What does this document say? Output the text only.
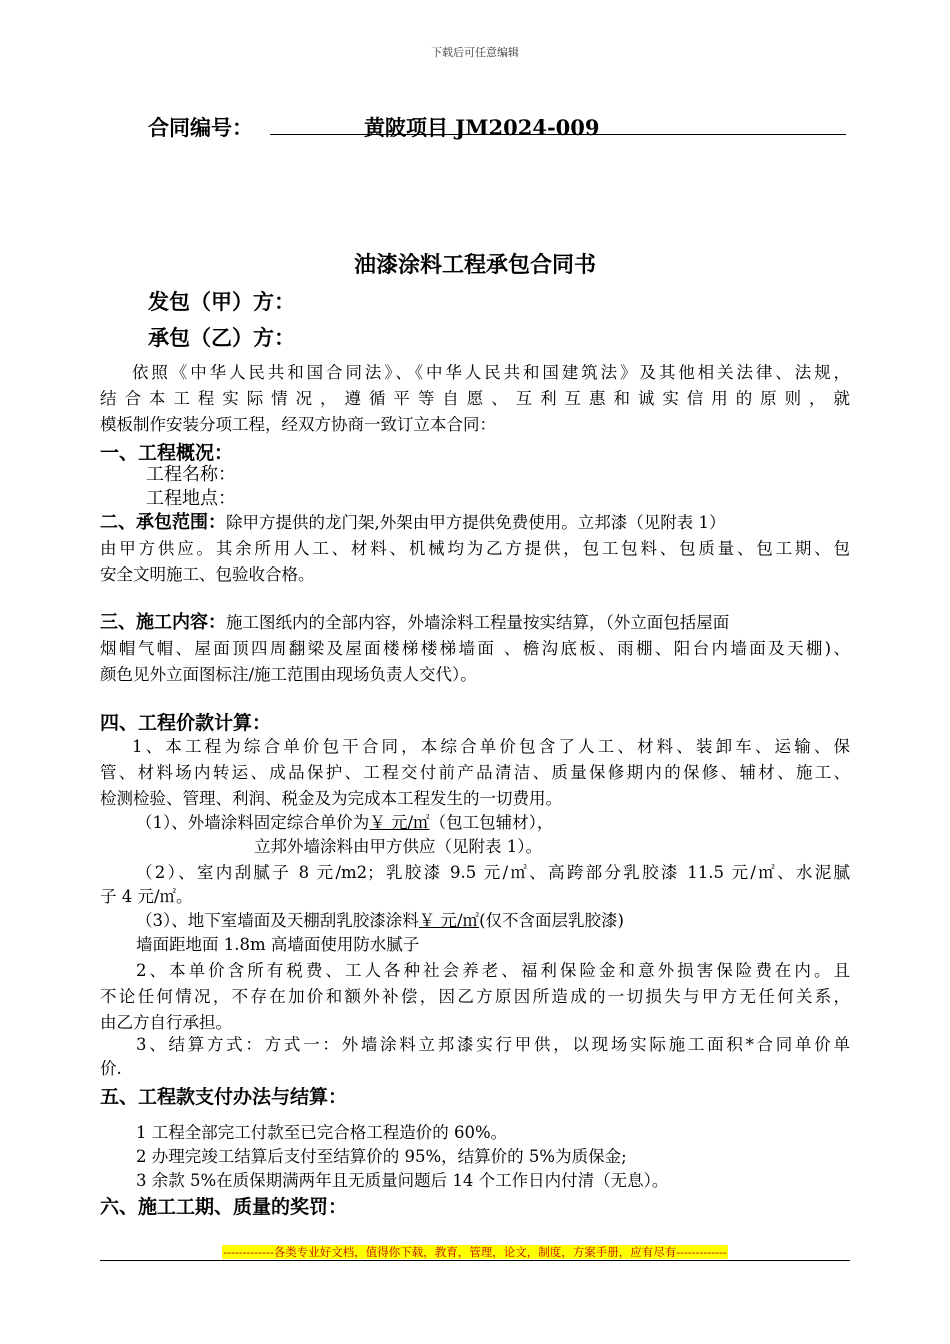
下载后可任意编辑
合同编号：	黄陂项目 JM2024-009
油漆涂料工程承包合同书
发包（甲）方：
承包（乙）方：
依照《中华人民共和国合同法》、《中华人民共和国建筑法》及其他相关法律、法规，
结合本工程实际情况，遵循平等自愿、互利互惠和诚实信用的原则，就
模板制作安装分项工程，经双方协商一致订立本合同：
一、工程概况：
工程名称：
工程地点：
二、承包范围：除甲方提供的龙门架,外架由甲方提供免费使用。立邦漆（见附表 1）
由甲方供应。其余所用人工、材料、机械均为乙方提供，包工包料、包质量、包工期、包
安全文明施工、包验收合格。
三、施工内容：施工图纸内的全部内容，外墙涂料工程量按实结算，（外立面包括屋面
烟帽气帽、屋面顶四周翻梁及屋面楼梯楼梯墙面 、檐沟底板、雨棚、阳台内墙面及天棚)、
颜色见外立面图标注/施工范围由现场负责人交代）。
四、工程价款计算：
1、本工程为综合单价包干合同，本综合单价包含了人工、材料、装卸车、运输、保
管、材料场内转运、成品保护、工程交付前产品清洁、质量保修期内的保修、辅材、施工、
检测检验、管理、利润、税金及为完成本工程发生的一切费用。
（1）、外墙涂料固定综合单价为￥ 元/㎡（包工包辅材），
立邦外墙涂料由甲方供应（见附表 1）。
（2）、室内刮腻子 8 元/m2；乳胶漆 9.5 元/㎡、高跨部分乳胶漆 11.5 元/㎡、水泥腻
子 4 元/㎡。
（3）、地下室墙面及天棚刮乳胶漆涂料￥ 元/㎡(仅不含面层乳胶漆)
墙面距地面 1.8m 高墙面使用防水腻子
2、本单价含所有税费、工人各种社会养老、福利保险金和意外损害保险费在内。且
不论任何情况，不存在加价和额外补偿，因乙方原因所造成的一切损失与甲方无任何关系，
由乙方自行承担。
3、结算方式：方式一：外墙涂料立邦漆实行甲供，以现场实际施工面积*合同单价单
价.
五、工程款支付办法与结算：
1 工程全部完工付款至已完合格工程造价的 60%。
2 办理完竣工结算后支付至结算价的 95%，结算价的 5%为质保金;
3 余款 5%在质保期满两年且无质量问题后 14 个工作日内付清（无息）。
六、施工工期、质量的奖罚：
-------------各类专业好文档，值得你下载，教育，管理，论文，制度，方案手册，应有尽有-------------
